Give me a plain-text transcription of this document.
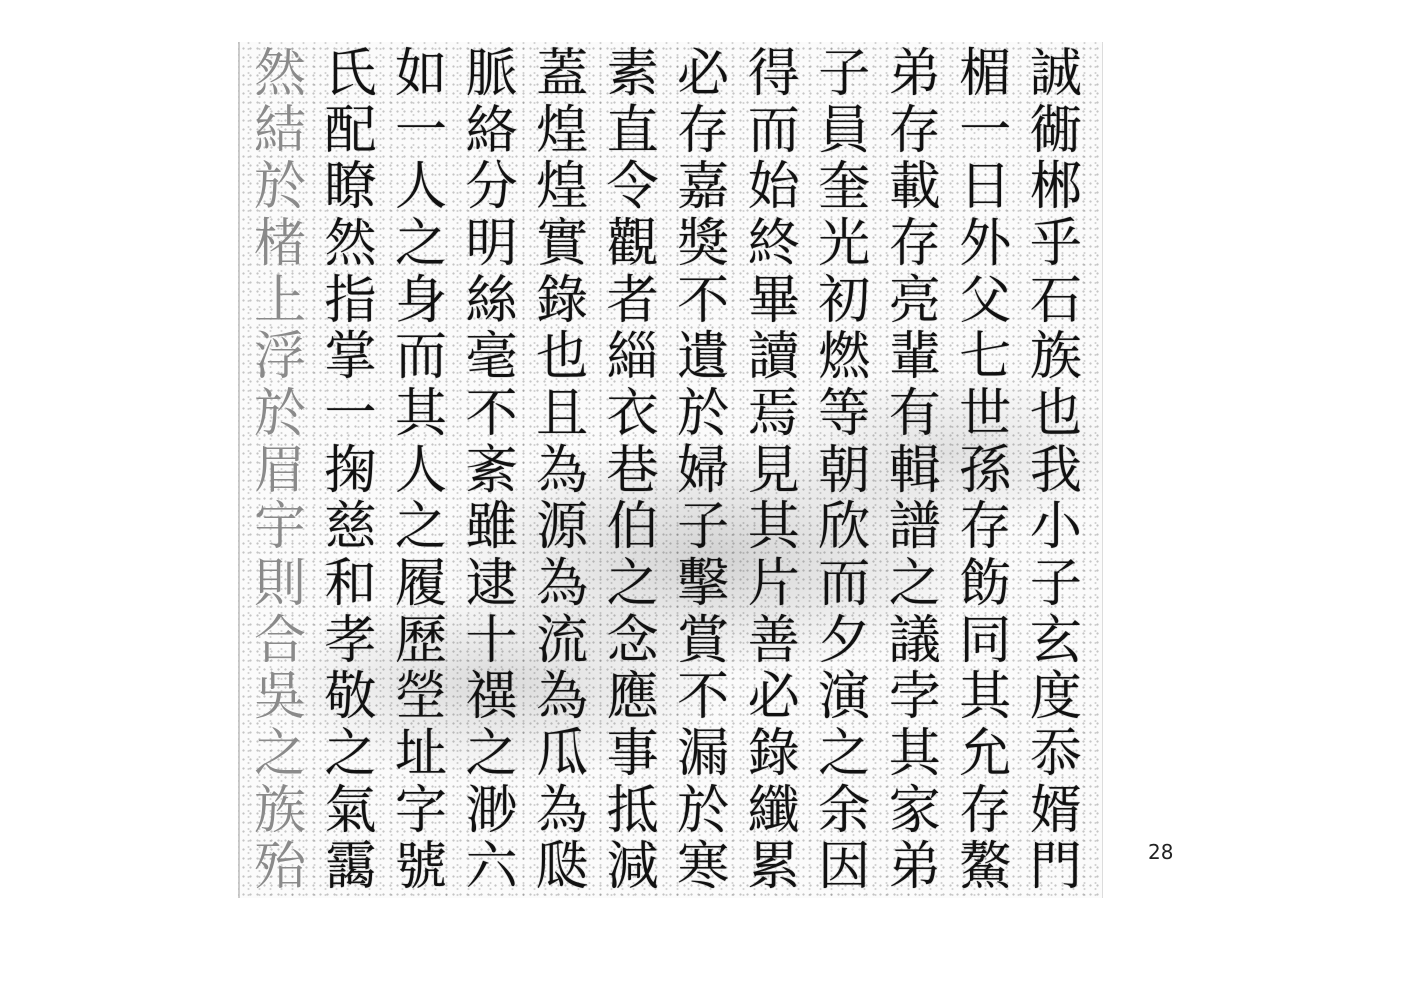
誠
衚
郴
乎
石
族
也
我
小
子
玄
度
忝
婿
門
楣
一
日
外
父
七
世
孫
存
飭
同
其
允
存
鰲
弟
存
載
存
亮
輩
有
輯
譜
之
議
孛
其
家
弟
子
員
奎
光
初
燃
等
朝
欣
而
夕
演
之
余
因
得
而
始
終
畢
讀
焉
見
其
片
善
必
錄
纖
累
必
存
嘉
獎
不
遺
於
婦
子
擊
賞
不
漏
於
寒
素
直
令
觀
者
緇
衣
巷
伯
之
念
應
事
抵
減
蓋
煌
煌
實
錄
也
且
為
源
為
流
為
瓜
為
瓞
脈
絡
分
明
絲
毫
不
紊
雖
逮
十
禩
之
渺
六
如
一
人
之
身
而
其
人
之
履
歷
塋
址
字
號
氏
配
瞭
然
指
掌
一
掬
慈
和
孝
敬
之
氣
靄
然
結
於
楮
上
浮
於
眉
宇
則
合
吳
之
族
殆	28
